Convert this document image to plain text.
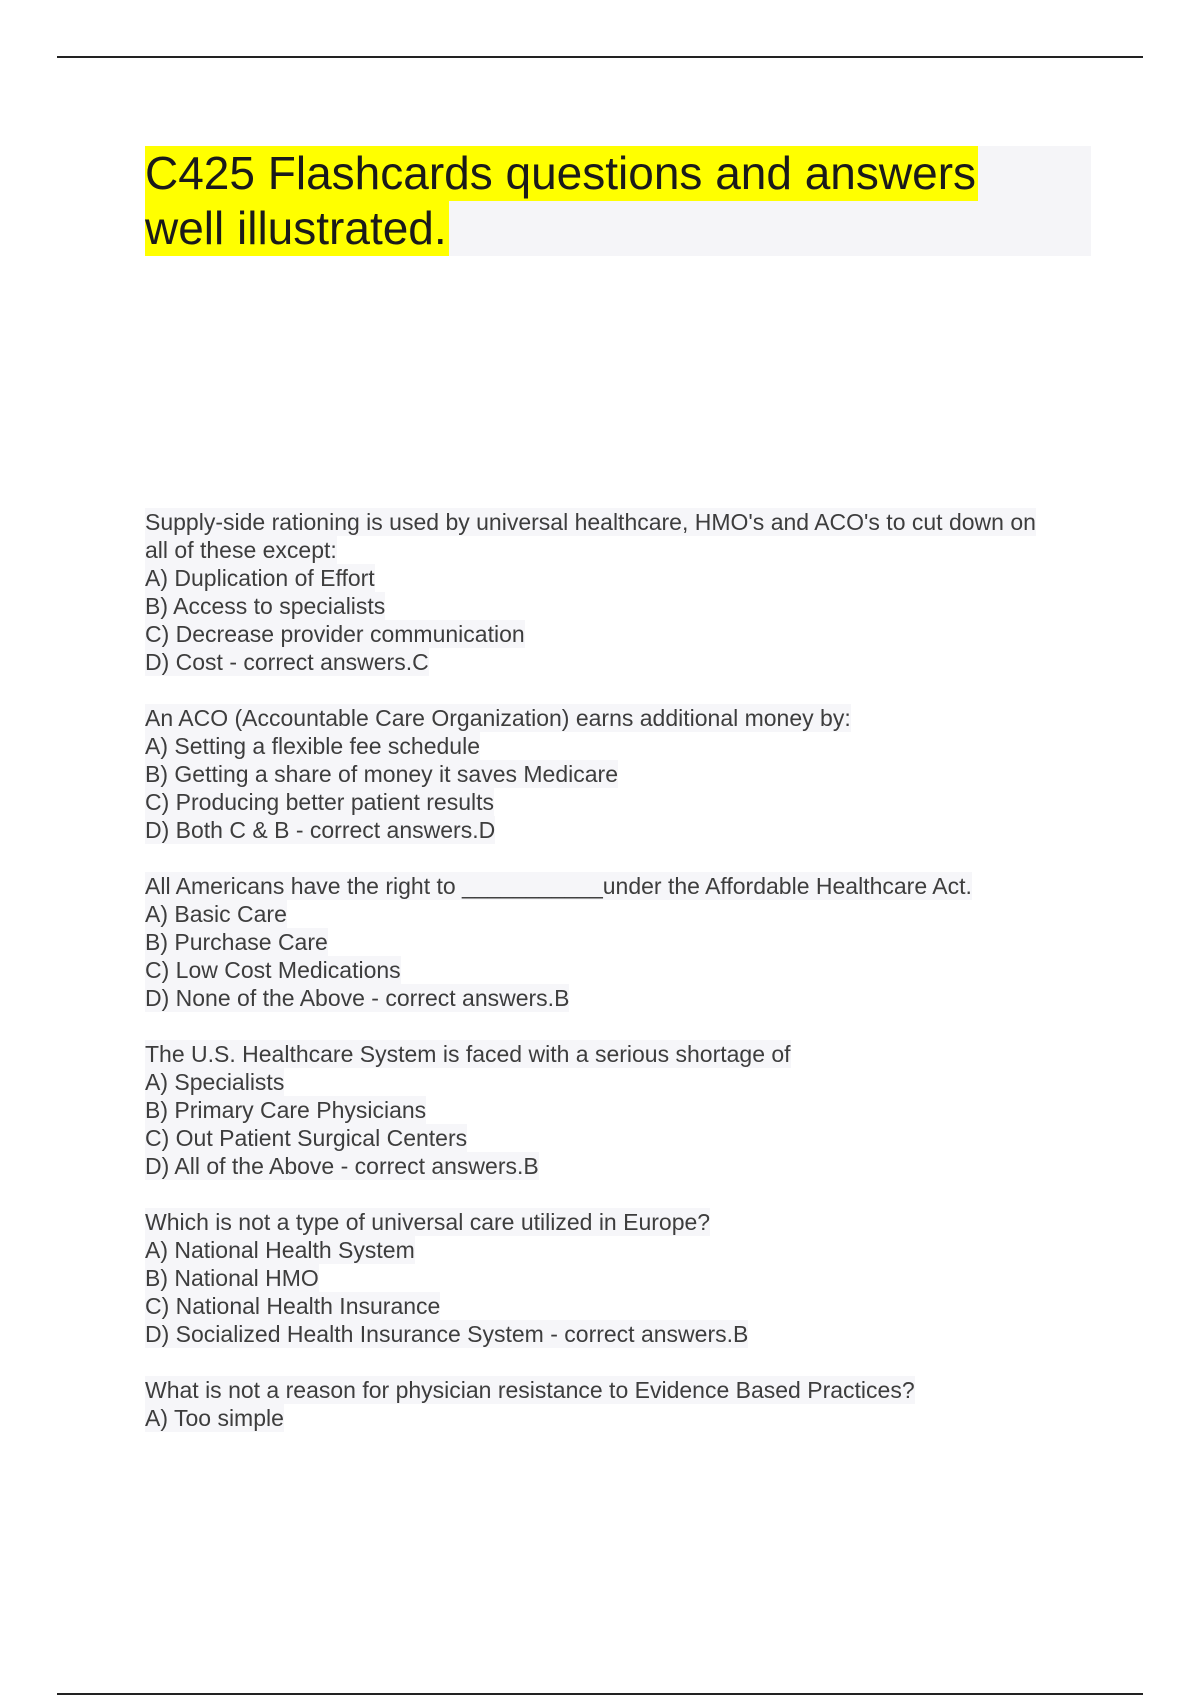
C425 Flashcards questions and answers
well illustrated.
Supply-side rationing is used by universal healthcare, HMO's and ACO's to cut down on
all of these except:
A) Duplication of Effort
B) Access to specialists
C) Decrease provider communication
D) Cost - correct answers.C
An ACO (Accountable Care Organization) earns additional money by:
A) Setting a flexible fee schedule
B) Getting a share of money it saves Medicare
C) Producing better patient results
D) Both C & B - correct answers.D
All Americans have the right to ___________under the Affordable Healthcare Act.
A) Basic Care
B) Purchase Care
C) Low Cost Medications
D) None of the Above - correct answers.B
The U.S. Healthcare System is faced with a serious shortage of
A) Specialists
B) Primary Care Physicians
C) Out Patient Surgical Centers
D) All of the Above - correct answers.B
Which is not a type of universal care utilized in Europe?
A) National Health System
B) National HMO
C) National Health Insurance
D) Socialized Health Insurance System - correct answers.B
What is not a reason for physician resistance to Evidence Based Practices?
A) Too simple
